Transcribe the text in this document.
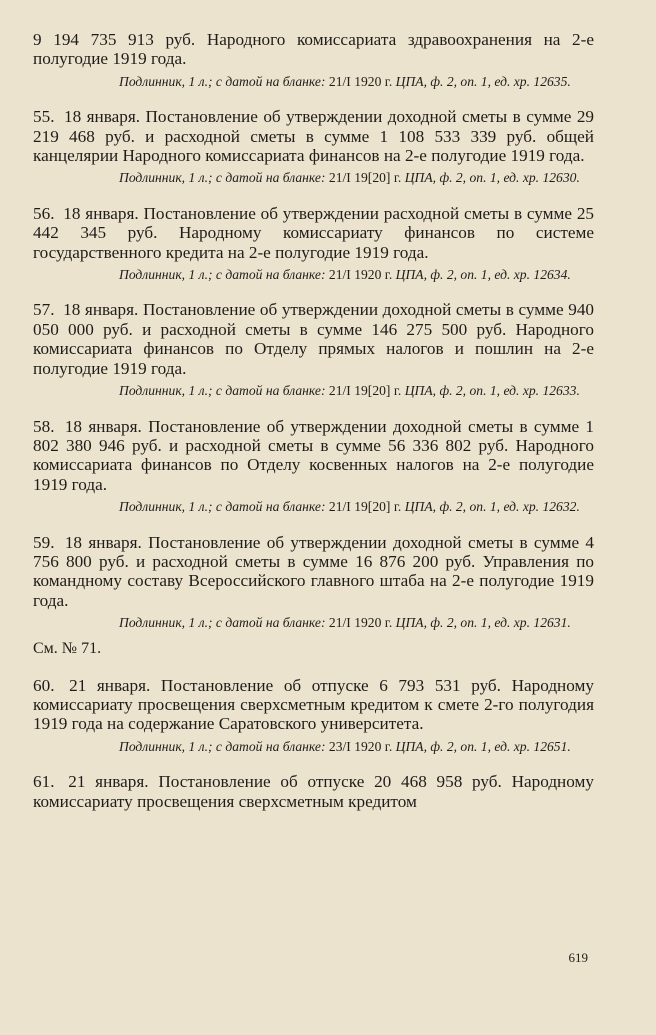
9 194 735 913 руб. Народного комиссариата здравоохранения на 2-е полугодие 1919 года.

Подлинник, 1 л.; с датой на бланке: 21/I 1920 г. ЦПА, ф. 2, оп. 1, ед. хр. 12635.

55. 18 января. Постановление об утверждении доходной сметы в сумме 29 219 468 руб. и расходной сметы в сумме 1 108 533 339 руб. общей канцелярии Народного комиссариата финансов на 2-е полугодие 1919 года.

Подлинник, 1 л.; с датой на бланке: 21/I 19[20] г. ЦПА, ф. 2, оп. 1, ед. хр. 12630.

56. 18 января. Постановление об утверждении расходной сметы в сумме 25 442 345 руб. Народному комиссариату финансов по системе государственного кредита на 2-е полугодие 1919 года.

Подлинник, 1 л.; с датой на бланке: 21/I 1920 г. ЦПА, ф. 2, оп. 1, ед. хр. 12634.

57. 18 января. Постановление об утверждении доходной сметы в сумме 940 050 000 руб. и расходной сметы в сумме 146 275 500 руб. Народного комиссариата финансов по Отделу прямых налогов и пошлин на 2-е полугодие 1919 года.

Подлинник, 1 л.; с датой на бланке: 21/I 19[20] г. ЦПА, ф. 2, оп. 1, ед. хр. 12633.

58. 18 января. Постановление об утверждении доходной сметы в сумме 1 802 380 946 руб. и расходной сметы в сумме 56 336 802 руб. Народного комиссариата финансов по Отделу косвенных налогов на 2-е полугодие 1919 года.

Подлинник, 1 л.; с датой на бланке: 21/I 19[20] г. ЦПА, ф. 2, оп. 1, ед. хр. 12632.

59. 18 января. Постановление об утверждении доходной сметы в сумме 4 756 800 руб. и расходной сметы в сумме 16 876 200 руб. Управления по командному составу Всероссийского главного штаба на 2-е полугодие 1919 года.

Подлинник, 1 л.; с датой на бланке: 21/I 1920 г. ЦПА, ф. 2, оп. 1, ед. хр. 12631.

См. № 71.

60. 21 января. Постановление об отпуске 6 793 531 руб. Народному комиссариату просвещения сверхсметным кредитом к смете 2-го полугодия 1919 года на содержание Саратовского университета.

Подлинник, 1 л.; с датой на бланке: 23/I 1920 г. ЦПА, ф. 2, оп. 1, ед. хр. 12651.

61. 21 января. Постановление об отпуске 20 468 958 руб. Народному комиссариату просвещения сверхсметным кредитом

619
